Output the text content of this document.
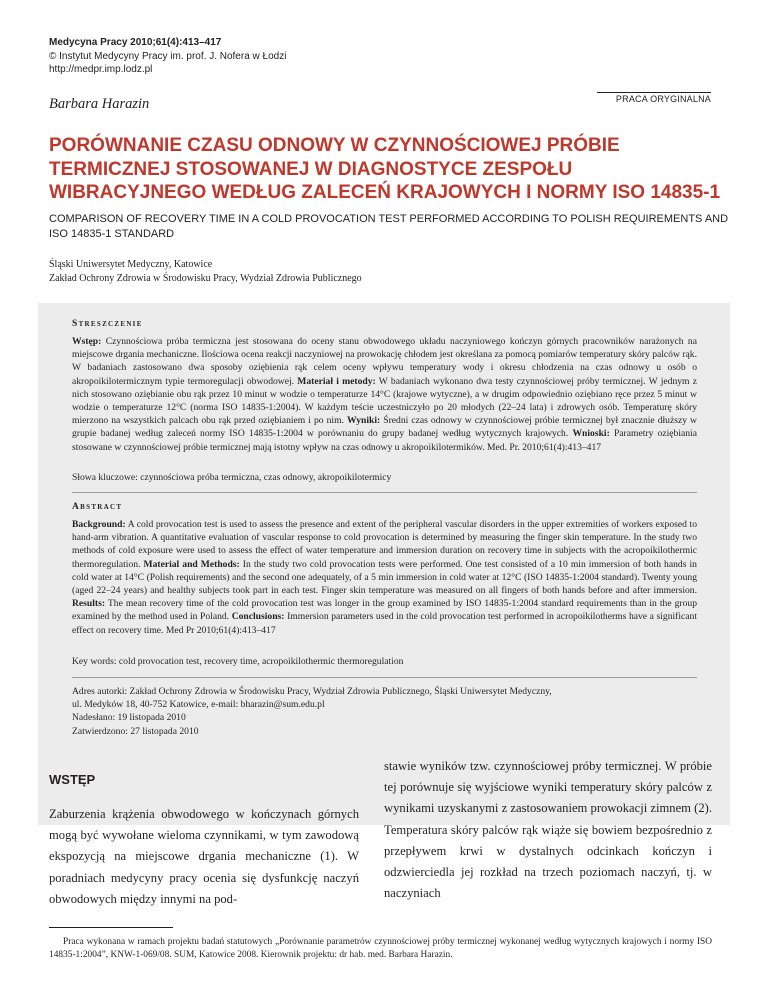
Medycyna Pracy 2010;61(4):413–417
© Instytut Medycyny Pracy im. prof. J. Nofera w Łodzi
http://medpr.imp.lodz.pl
PRACA ORYGINALNA
Barbara Harazin
PORÓWNANIE CZASU ODNOWY W CZYNNOŚCIOWEJ PRÓBIE TERMICZNEJ STOSOWANEJ W DIAGNOSTYCE ZESPOŁU WIBRACYJNEGO WEDŁUG ZALECEŃ KRAJOWYCH I NORMY ISO 14835-1
COMPARISON OF RECOVERY TIME IN A COLD PROVOCATION TEST PERFORMED ACCORDING TO POLISH REQUIREMENTS AND ISO 14835-1 STANDARD
Śląski Uniwersytet Medyczny, Katowice
Zakład Ochrony Zdrowia w Środowisku Pracy, Wydział Zdrowia Publicznego
Streszczenie
Wstęp: Czynnościowa próba termiczna jest stosowana do oceny stanu obwodowego układu naczyniowego kończyn górnych pracowników narażonych na miejscowe drgania mechaniczne. Ilościowa ocena reakcji naczyniowej na prowokację chłodem jest określana za pomocą pomiarów temperatury skóry palców rąk. W badaniach zastosowano dwa sposoby oziębienia rąk celem oceny wpływu temperatury wody i okresu chłodzenia na czas odnowy u osób o akropoikilotermicznym typie termoregulacji obwodowej. Materiał i metody: W badaniach wykonano dwa testy czynnościowej próby termicznej. W jednym z nich stosowano oziębianie obu rąk przez 10 minut w wodzie o temperaturze 14°C (krajowe wytyczne), a w drugim odpowiednio oziębiano ręce przez 5 minut w wodzie o temperaturze 12°C (norma ISO 14835-1:2004). W każdym teście uczestniczyło po 20 młodych (22–24 lata) i zdrowych osób. Temperaturę skóry mierzono na wszystkich palcach obu rąk przed oziębianiem i po nim. Wyniki: Średni czas odnowy w czynnościowej próbie termicznej był znacznie dłuższy w grupie badanej według zaleceń normy ISO 14835-1:2004 w porównaniu do grupy badanej według wytycznych krajowych. Wnioski: Parametry oziębiania stosowane w czynnościowej próbie termicznej mają istotny wpływ na czas odnowy u akropoikilotermików. Med. Pr. 2010;61(4):413–417
Słowa kluczowe: czynnościowa próba termiczna, czas odnowy, akropoikilotermicy
Abstract
Background: A cold provocation test is used to assess the presence and extent of the peripheral vascular disorders in the upper extremities of workers exposed to hand-arm vibration. A quantitative evaluation of vascular response to cold provocation is determined by measuring the finger skin temperature. In the study two methods of cold exposure were used to assess the effect of water temperature and immersion duration on recovery time in subjects with the acropoikilothermic thermoregulation. Material and Methods: In the study two cold provocation tests were performed. One test consisted of a 10 min immersion of both hands in cold water at 14°C (Polish requirements) and the second one adequately, of a 5 min immersion in cold water at 12°C (ISO 14835-1:2004 standard). Twenty young (aged 22–24 years) and healthy subjects took part in each test. Finger skin temperature was measured on all fingers of both hands before and after immersion. Results: The mean recovery time of the cold provocation test was longer in the group examined by ISO 14835-1:2004 standard requirements than in the group examined by the method used in Poland. Conclusions: Immersion parameters used in the cold provocation test performed in acropoikilotherms have a significant effect on recovery time. Med Pr 2010;61(4):413–417
Key words: cold provocation test, recovery time, acropoikilothermic thermoregulation
Adres autorki: Zakład Ochrony Zdrowia w Środowisku Pracy, Wydział Zdrowia Publicznego, Śląski Uniwersytet Medyczny,
ul. Medyków 18, 40-752 Katowice, e-mail: bharazin@sum.edu.pl
Nadesłano: 19 listopada 2010
Zatwierdzono: 27 listopada 2010
WSTĘP
Zaburzenia krążenia obwodowego w kończynach górnych mogą być wywołane wieloma czynnikami, w tym zawodową ekspozycją na miejscowe drgania mechaniczne (1). W poradniach medycyny pracy ocenia się dysfunkcję naczyń obwodowych między innymi na pod-
stawie wyników tzw. czynnościowej próby termicznej. W próbie tej porównuje się wyjściowe wyniki temperatury skóry palców z wynikami uzyskanymi z zastosowaniem prowokacji zimnem (2). Temperatura skóry palców rąk wiąże się bowiem bezpośrednio z przepływem krwi w dystalnych odcinkach kończyn i odzwierciedla jej rozkład na trzech poziomach naczyń, tj. w naczyniach
Praca wykonana w ramach projektu badań statutowych „Porównanie parametrów czynnościowej próby termicznej wykonanej według wytycznych krajowych i normy ISO 14835-1:2004”, KNW-1-069/08. SUM, Katowice 2008. Kierownik projektu: dr hab. med. Barbara Harazin.
